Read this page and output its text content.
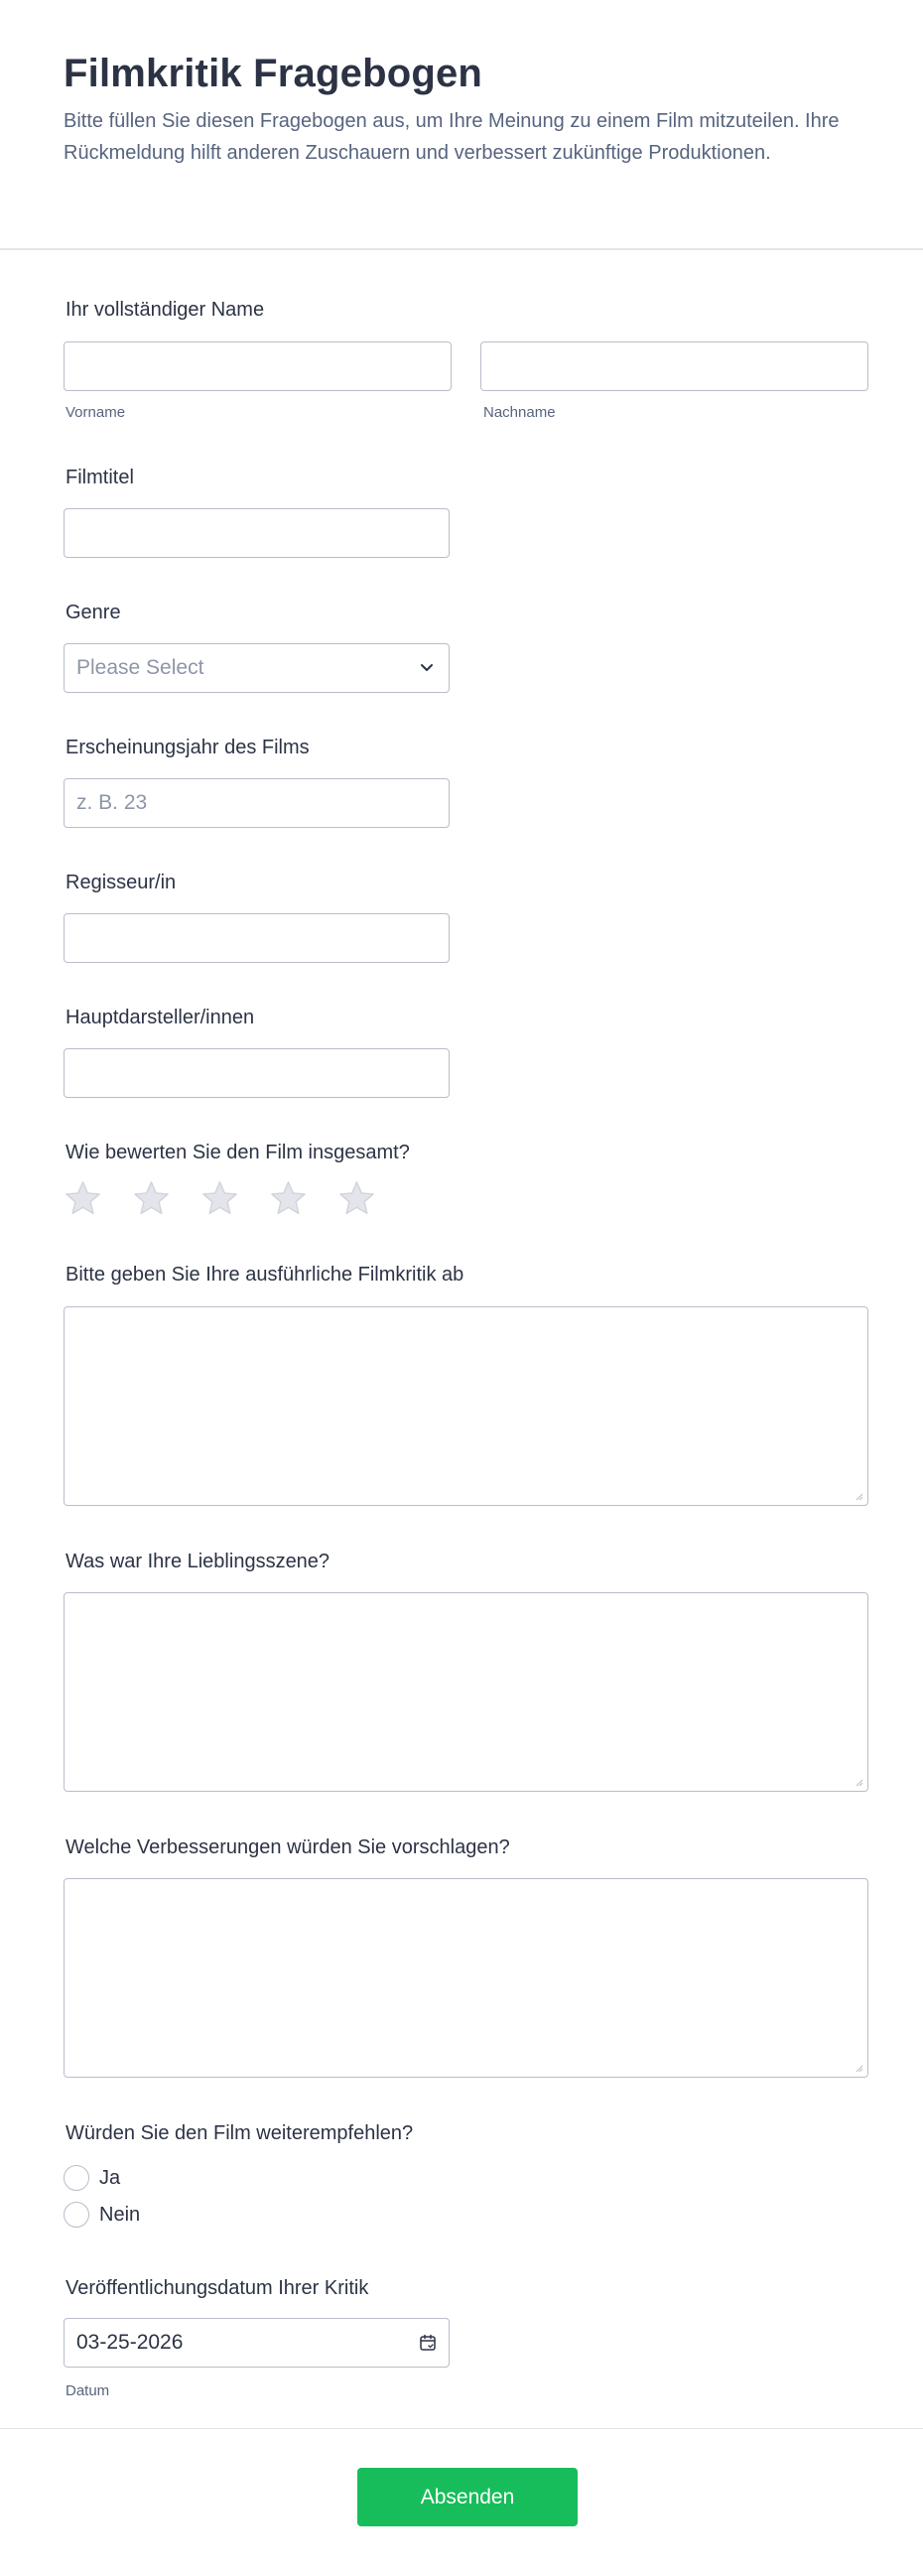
Filmkritik Fragebogen

Bitte füllen Sie diesen Fragebogen aus, um Ihre Meinung zu einem Film mitzuteilen. Ihre Rückmeldung hilft anderen Zuschauern und verbessert zukünftige Produktionen.

Ihr vollständiger Name
Vorname	Nachname
Filmtitel
Genre
Please Select
Erscheinungsjahr des Films
z. B. 23
Regisseur/in
Hauptdarsteller/innen
Wie bewerten Sie den Film insgesamt?
Bitte geben Sie Ihre ausführliche Filmkritik ab
Was war Ihre Lieblingsszene?
Welche Verbesserungen würden Sie vorschlagen?
Würden Sie den Film weiterempfehlen?
Ja
Nein
Veröffentlichungsdatum Ihrer Kritik
03-25-2026
Datum
Absenden
